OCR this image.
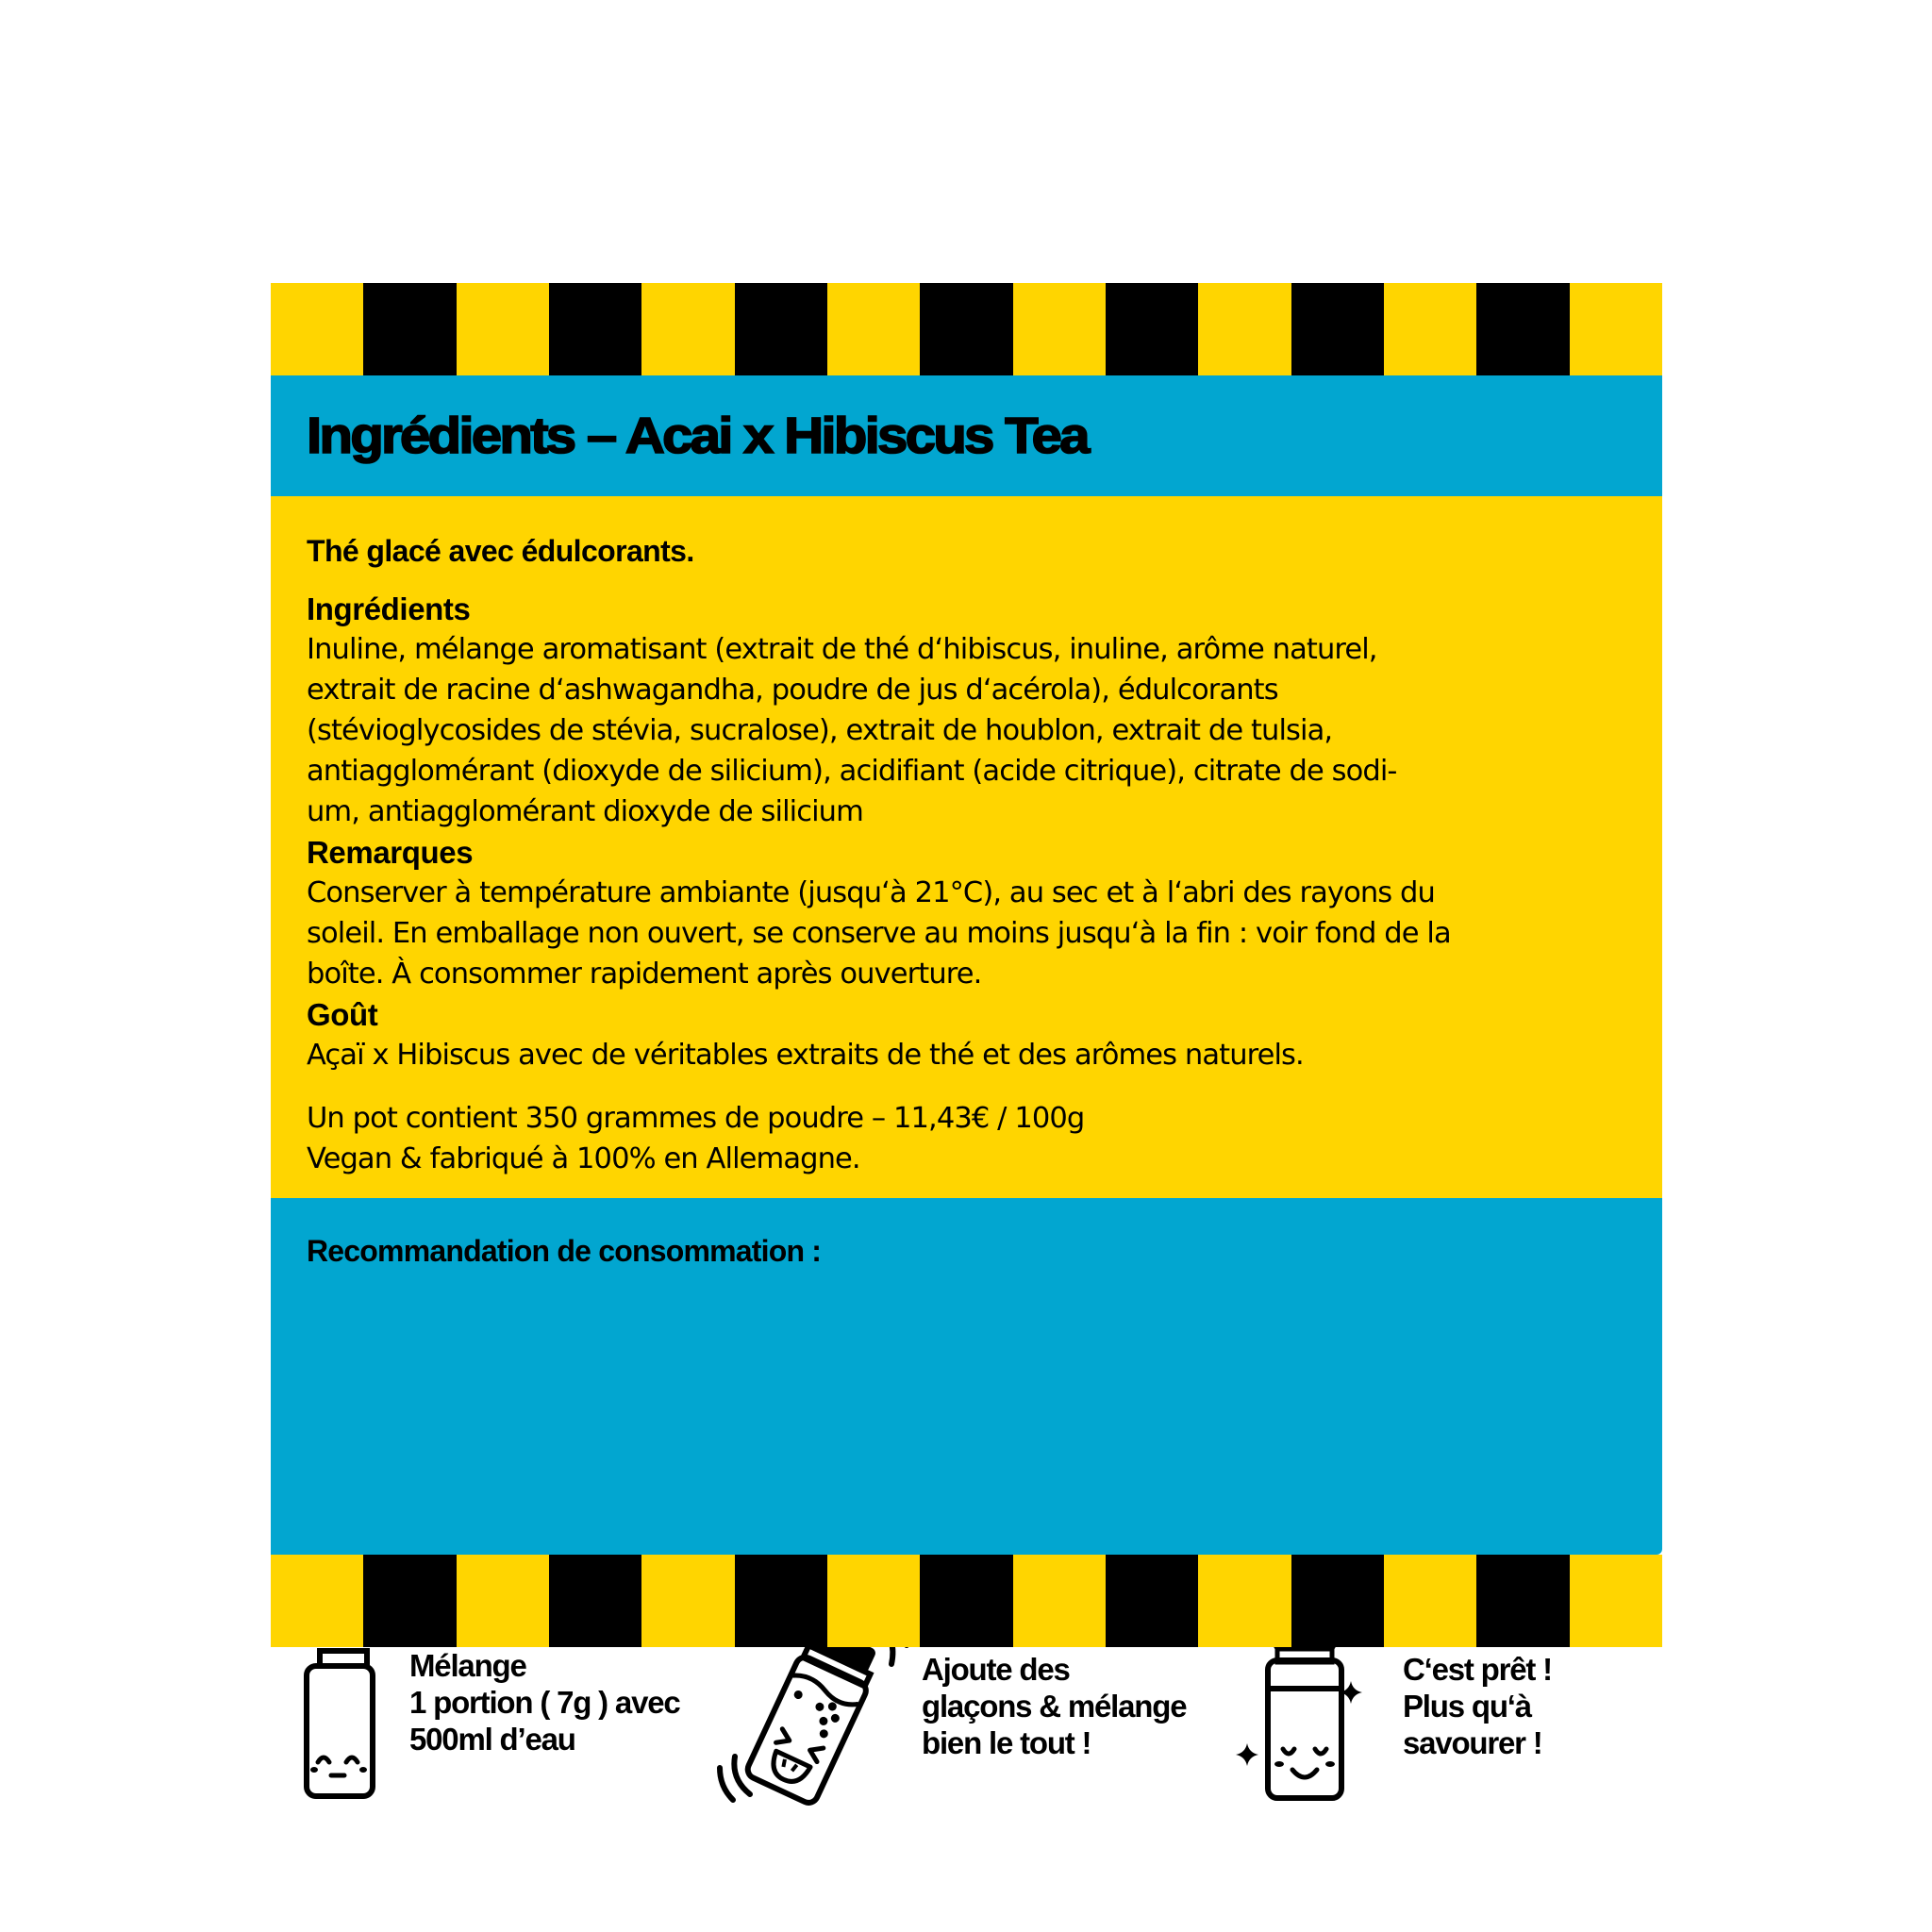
Ingrédients – Acai x Hibiscus Tea

Thé glacé avec édulcorants.

Ingrédients

Inuline, mélange aromatisant (extrait de thé d‘hibiscus, inuline, arôme naturel,
extrait de racine d‘ashwagandha, poudre de jus d‘acérola), édulcorants
(stévioglycosides de stévia, sucralose), extrait de houblon, extrait de tulsia,
antiagglomérant (dioxyde de silicium), acidifiant (acide citrique), citrate de sodi-
um, antiagglomérant dioxyde de silicium

Remarques

Conserver à température ambiante (jusqu‘à 21°C), au sec et à l‘abri des rayons du
soleil. En emballage non ouvert, se conserve au moins jusqu‘à la fin : voir fond de la
boîte. À consommer rapidement après ouverture.

Goût

Açaï x Hibiscus avec de véritables extraits de thé et des arômes naturels.

Un pot contient 350 grammes de poudre – 11,43€ / 100g
Vegan & fabriqué à 100% en Allemagne.

Recommandation de consommation :

Mélange
1 portion ( 7g ) avec
500ml d’eau

Ajoute des
glaçons & mélange
bien le tout !

C‘est prêt !
Plus qu‘à
savourer !
